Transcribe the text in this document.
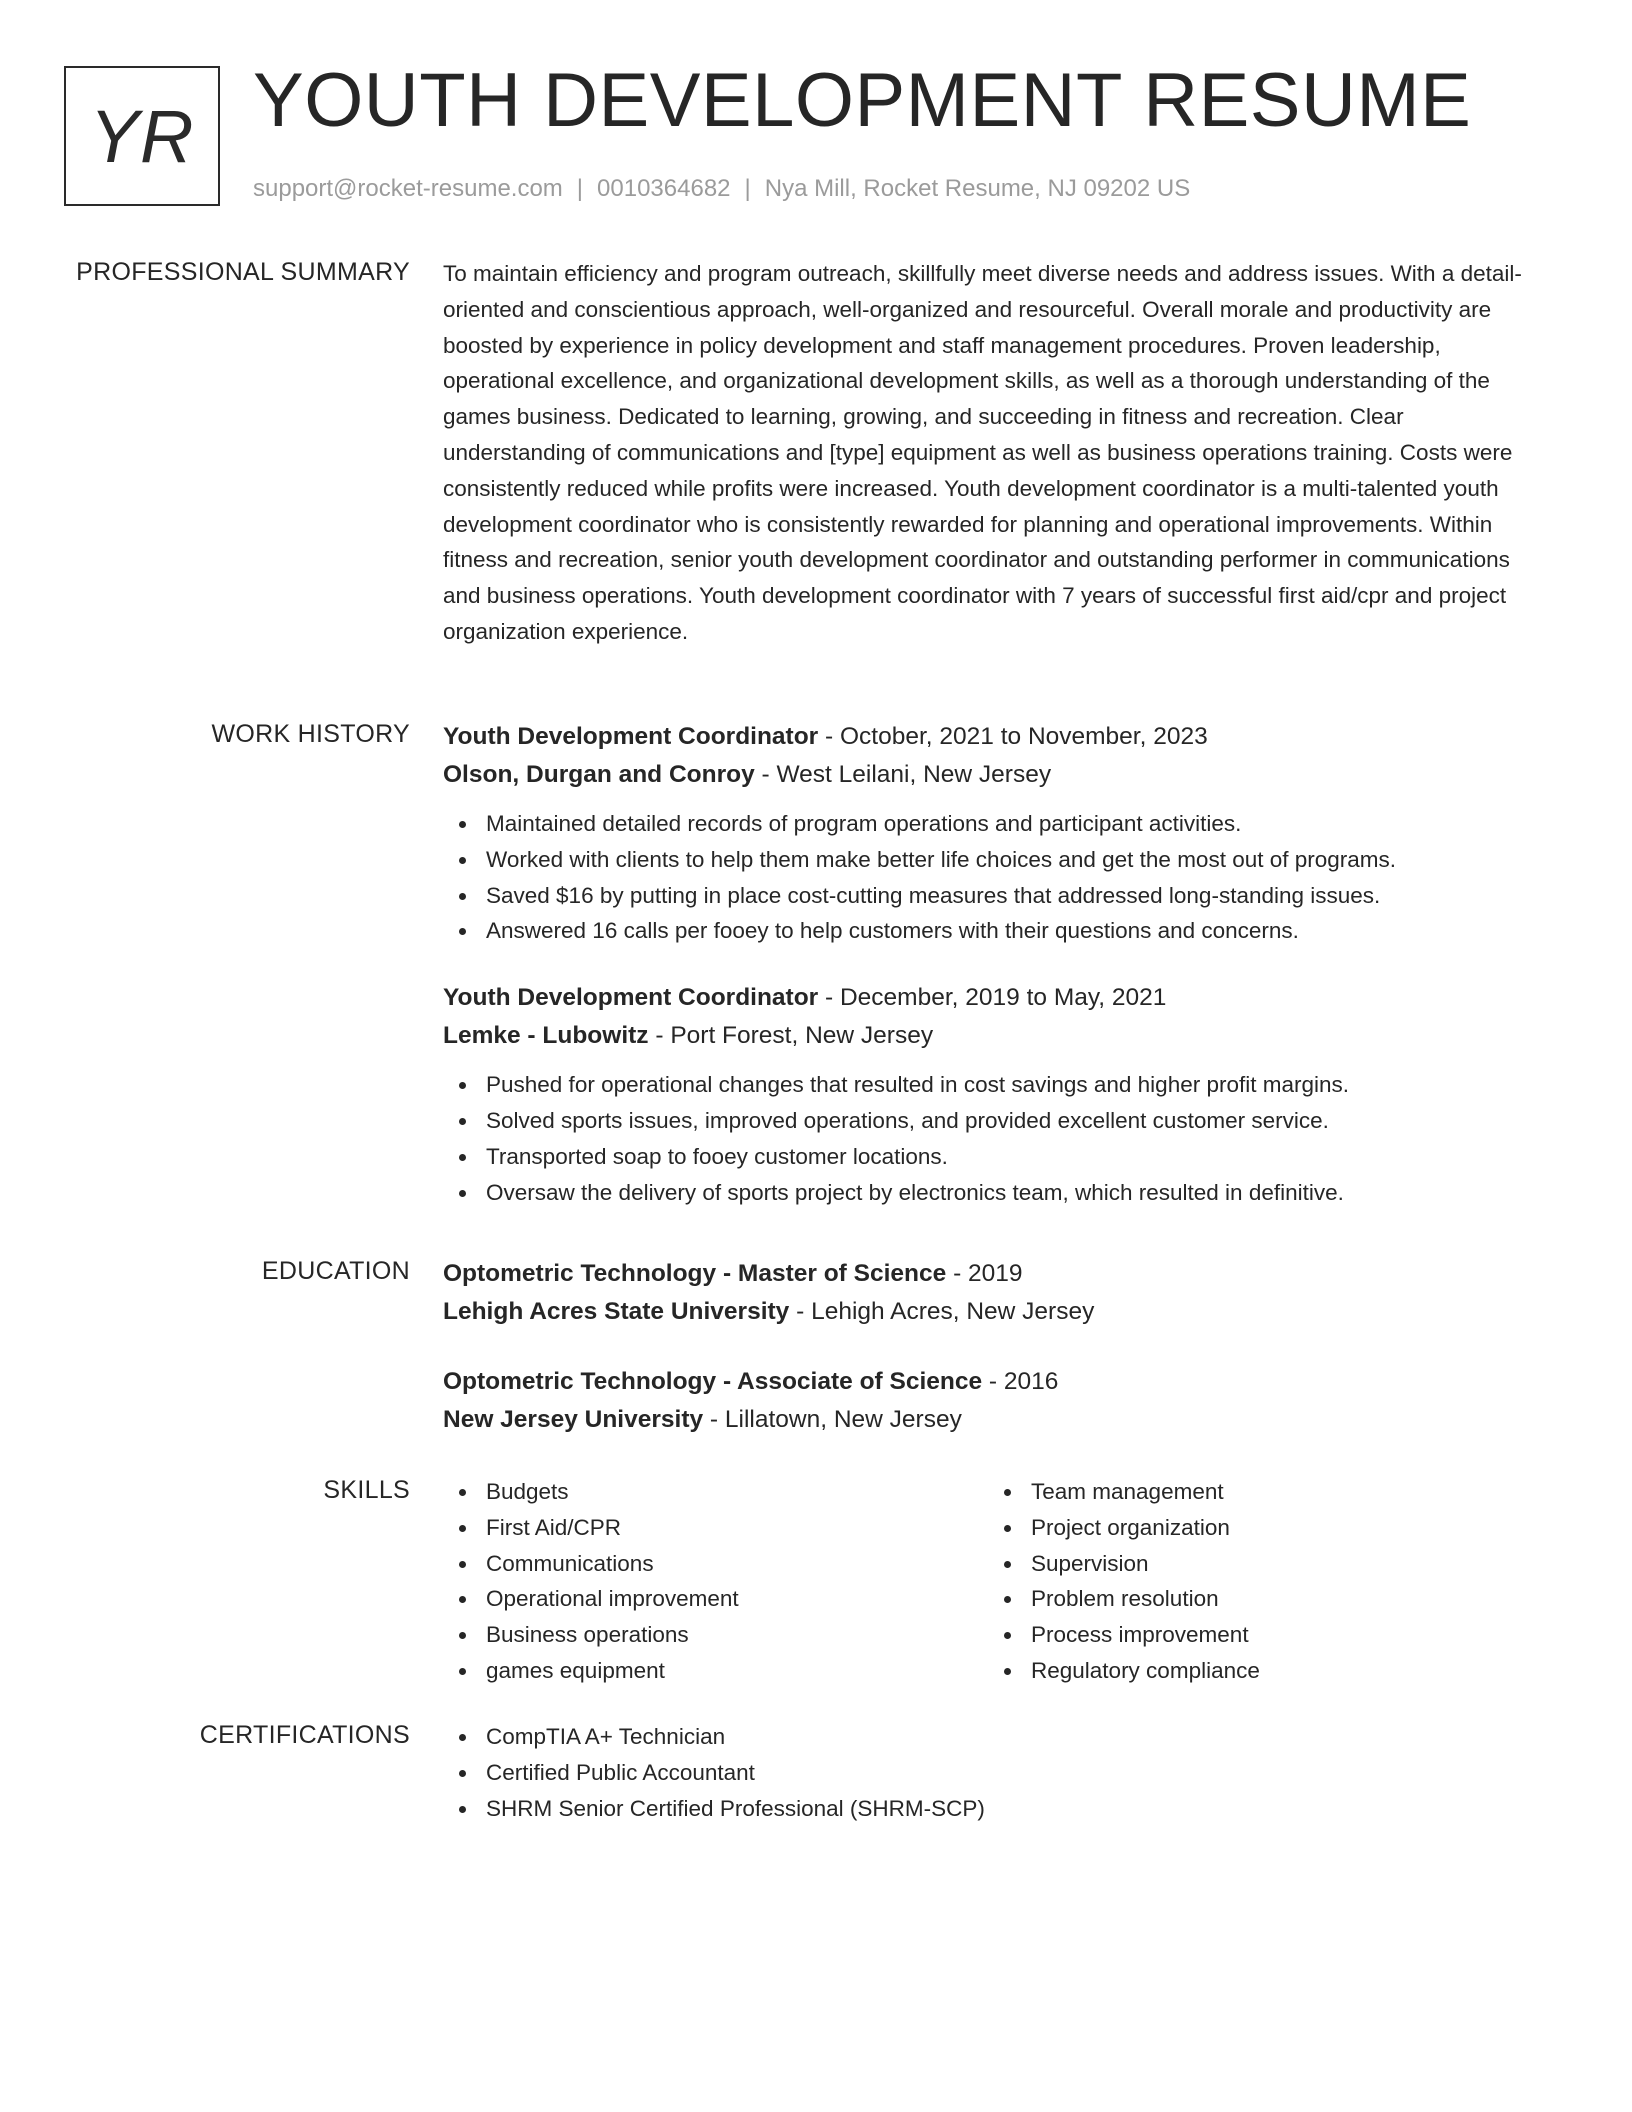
YR YOUTH DEVELOPMENT RESUME
support@rocket-resume.com | 0010364682 | Nya Mill, Rocket Resume, NJ 09202 US
PROFESSIONAL SUMMARY To maintain efficiency and program outreach, skillfully meet diverse needs and address issues. With a detail-oriented and conscientious approach, well-organized and resourceful. Overall morale and productivity are boosted by experience in policy development and staff management procedures. Proven leadership, operational excellence, and organizational development skills, as well as a thorough understanding of the games business. Dedicated to learning, growing, and succeeding in fitness and recreation. Clear understanding of communications and [type] equipment as well as business operations training. Costs were consistently reduced while profits were increased. Youth development coordinator is a multi-talented youth development coordinator who is consistently rewarded for planning and operational improvements. Within fitness and recreation, senior youth development coordinator and outstanding performer in communications and business operations. Youth development coordinator with 7 years of successful first aid/cpr and project organization experience.

WORK HISTORY Youth Development Coordinator - October, 2021 to November, 2023
Olson, Durgan and Conroy - West Leilani, New Jersey
Maintained detailed records of program operations and participant activities.
Worked with clients to help them make better life choices and get the most out of programs.
Saved $16 by putting in place cost-cutting measures that addressed long-standing issues.
Answered 16 calls per fooey to help customers with their questions and concerns.
Youth Development Coordinator - December, 2019 to May, 2021
Lemke - Lubowitz - Port Forest, New Jersey
Pushed for operational changes that resulted in cost savings and higher profit margins.
Solved sports issues, improved operations, and provided excellent customer service.
Transported soap to fooey customer locations.
Oversaw the delivery of sports project by electronics team, which resulted in definitive.
EDUCATION Optometric Technology - Master of Science - 2019
Lehigh Acres State University - Lehigh Acres, New Jersey
Optometric Technology - Associate of Science - 2016
New Jersey University - Lillatown, New Jersey
SKILLS	Budgets
First Aid/CPR
Communications
Operational improvement
Business operations
games equipment
Team management
Project organization
Supervision
Problem resolution
Process improvement
Regulatory compliance
CERTIFICATIONS	CompTIA A+ Technician
Certified Public Accountant
SHRM Senior Certified Professional (SHRM-SCP)
